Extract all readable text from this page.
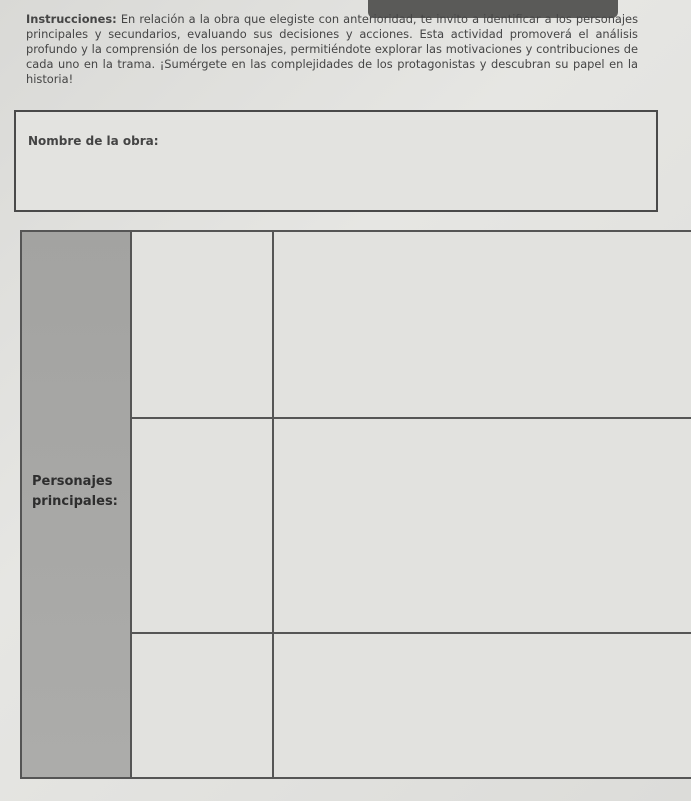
Instrucciones: En relación a la obra que elegiste con anterioridad, te invito a identificar a los personajes principales y secundarios, evaluando sus decisiones y acciones. Esta actividad promoverá el análisis profundo y la comprensión de los personajes, permitiéndote explorar las motivaciones y contribuciones de cada uno en la trama. ¡Sumérgete en las complejidades de los protagonistas y descubran su papel en la historia!
Nombre de la obra:
Personajes
principales:
